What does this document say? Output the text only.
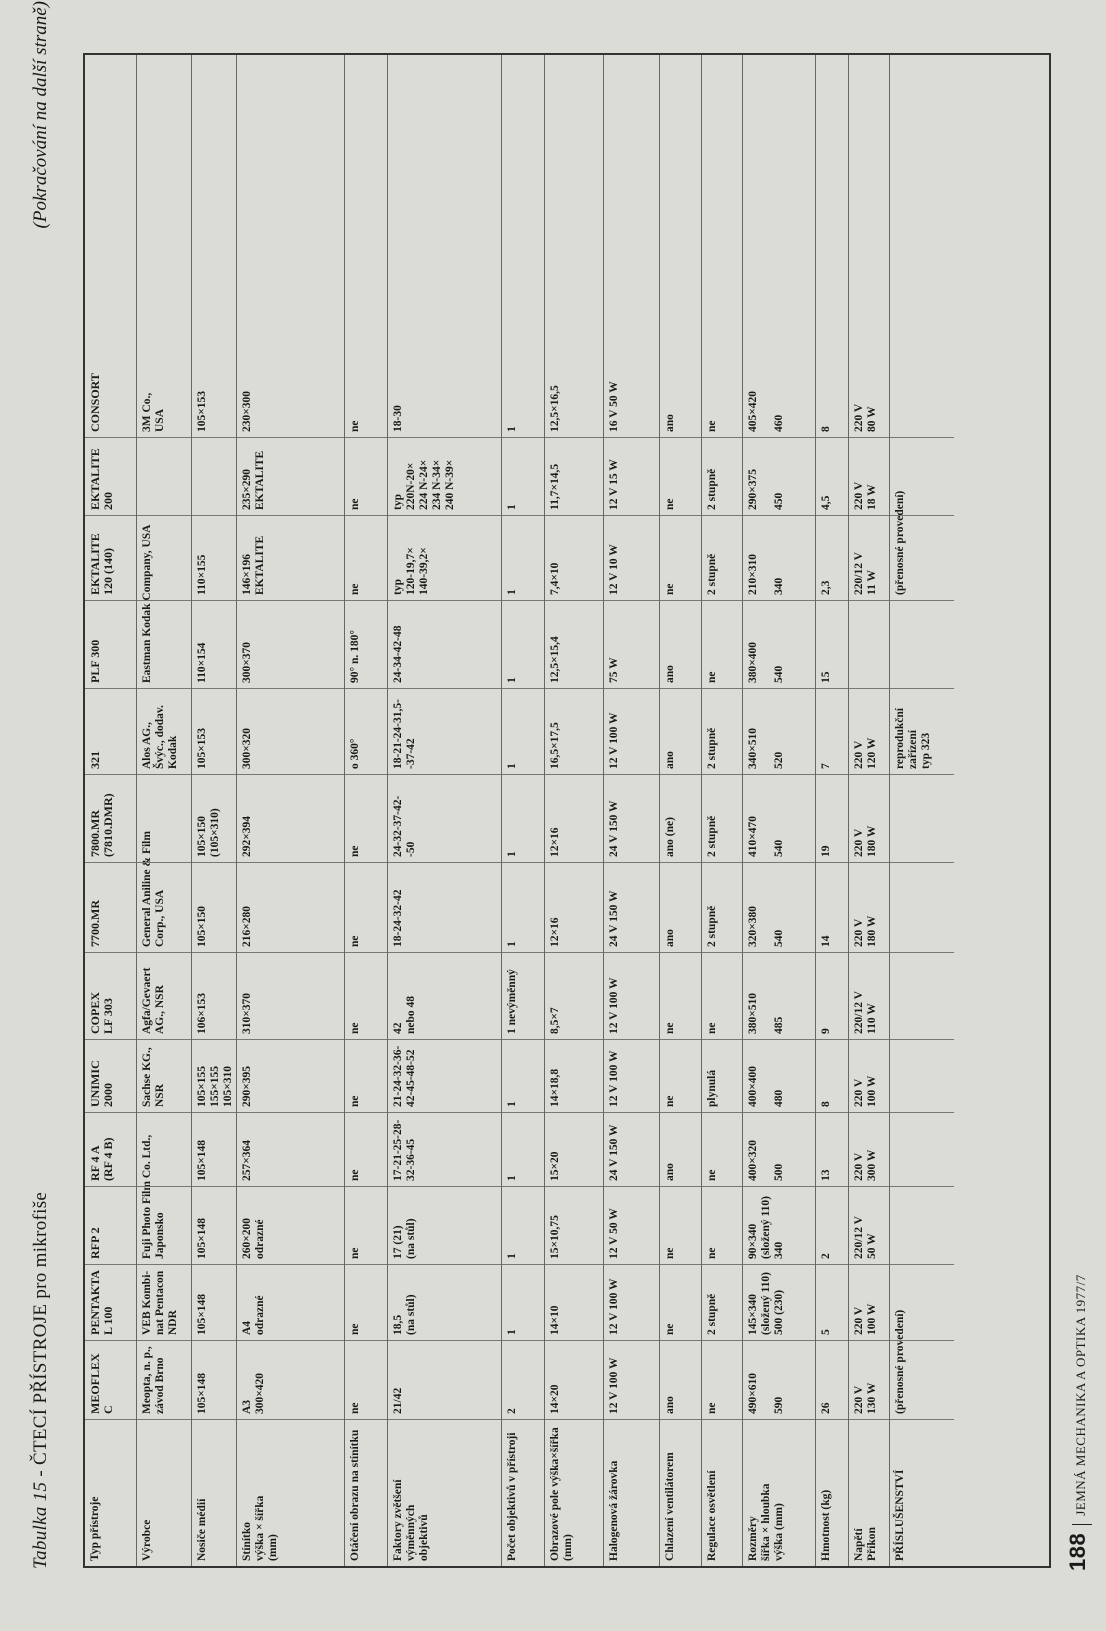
Tabulka 15 - ČTECÍ PŘÍSTROJE pro mikrofiše
(Pokračování na další straně)
Typ přístroje
MEOFLEX
C
PENTAKTA
L 100
RFP 2
RF 4 A
(RF 4 B)
UNIMIC
2000
COPEX
LF 303
7700.MR
7800.MR
(7810.DMR)
321
PLF 300
EKTALITE
120 (140)
EKTALITE
200
CONSORT
Výrobce
Meopta, n. p.,
závod Brno
VEB Kombi-
nat Pentacon
NDR
Fuji Photo Film Co. Ltd.,
Japonsko
Sachse KG.,
NSR
Agfa/Gevaert
AG., NSR
General Aniline & Film
Corp., USA
Alos AG.,
Švýc., dodav.
Kodak
Eastman Kodak Company, USA
3M Co.,
USA
Nosiče médií
105×148
105×148
105×148
105×148
105×155
155×155
105×310
106×153
105×150
105×150
(105×310)
105×153
110×154
110×155
105×153
Stínítko
výška × šířka
(mm)
A3
300×420
A4
odrazné
260×200
odrazné
257×364
290×395
310×370
216×280
292×394
300×320
300×370
146×196
EKTALITE
235×290
EKTALITE
230×300
Otáčení obrazu na stínítku
ne
ne
ne
ne
ne
ne
ne
ne
o 360°
90° n. 180°
ne
ne
ne
Faktory zvětšení výměnných
objektivů
21/42
18,5
(na stůl)
17 (21)
(na stůl)
17-21-25-28-
32-36-45
21-24-32-36-
42-45-48-52
42
nebo 48
18-24-32-42
24-32-37-42-
-50
18-21-24-31,5-
-37-42
24-34-42-48
typ
120-19,7×
140-39,2×
typ
220N-20×
224 N-24×
234 N-34×
240 N-39×
18-30
Počet objektivů v přístroji
2
1
1
1
1
1 nevýměnný
1
1
1
1
1
1
1
Obrazové pole výška×šířka (mm)
14×20
14×10
15×10,75
15×20
14×18,8
8,5×7
12×16
12×16
16,5×17,5
12,5×15,4
7,4×10
11,7×14,5
12,5×16,5
Halogenová žárovka
12 V 100 W
12 V 100 W
12 V 50 W
24 V 150 W
12 V 100 W
12 V 100 W
24 V 150 W
24 V 150 W
12 V 100 W
75 W
12 V 10 W
12 V 15 W
16 V 50 W
Chlazení ventilátorem
ano
ne
ne
ano
ne
ne
ano
ano (ne)
ano
ano
ne
ne
ano
Regulace osvětlení
ne
2 stupně
ne
ne
plynulá
ne
2 stupně
2 stupně
2 stupně
ne
2 stupně
2 stupně
ne
Rozměry
šířka × hloubka
výška (mm)
490×610

590
145×340
(složený 110)
500 (230)
90×340
(složený 110)
340
400×320

500
400×400

480
380×510

485
320×380

540
410×470

540
340×510

520
380×400

540
210×310

340
290×375

450
405×420

460
Hmotnost (kg)
26
5
2
13
8
9
14
19
7
15
2,3
4,5
8
Napětí
Příkon
220 V
130 W
220 V
100 W
220/12 V
50 W
220 V
300 W
220 V
100 W
220/12 V
110 W
220 V
180 W
220 V
180 W
220 V
120 W
220/12 V
11 W
220 V
18 W
220 V
80 W
PŘÍSLUŠENSTVÍ
(přenosné provedení)
reprodukční
zařízení
typ 323
(přenosné provedení)
188JEMNÁ MECHANIKA A OPTIKA 1977/7
